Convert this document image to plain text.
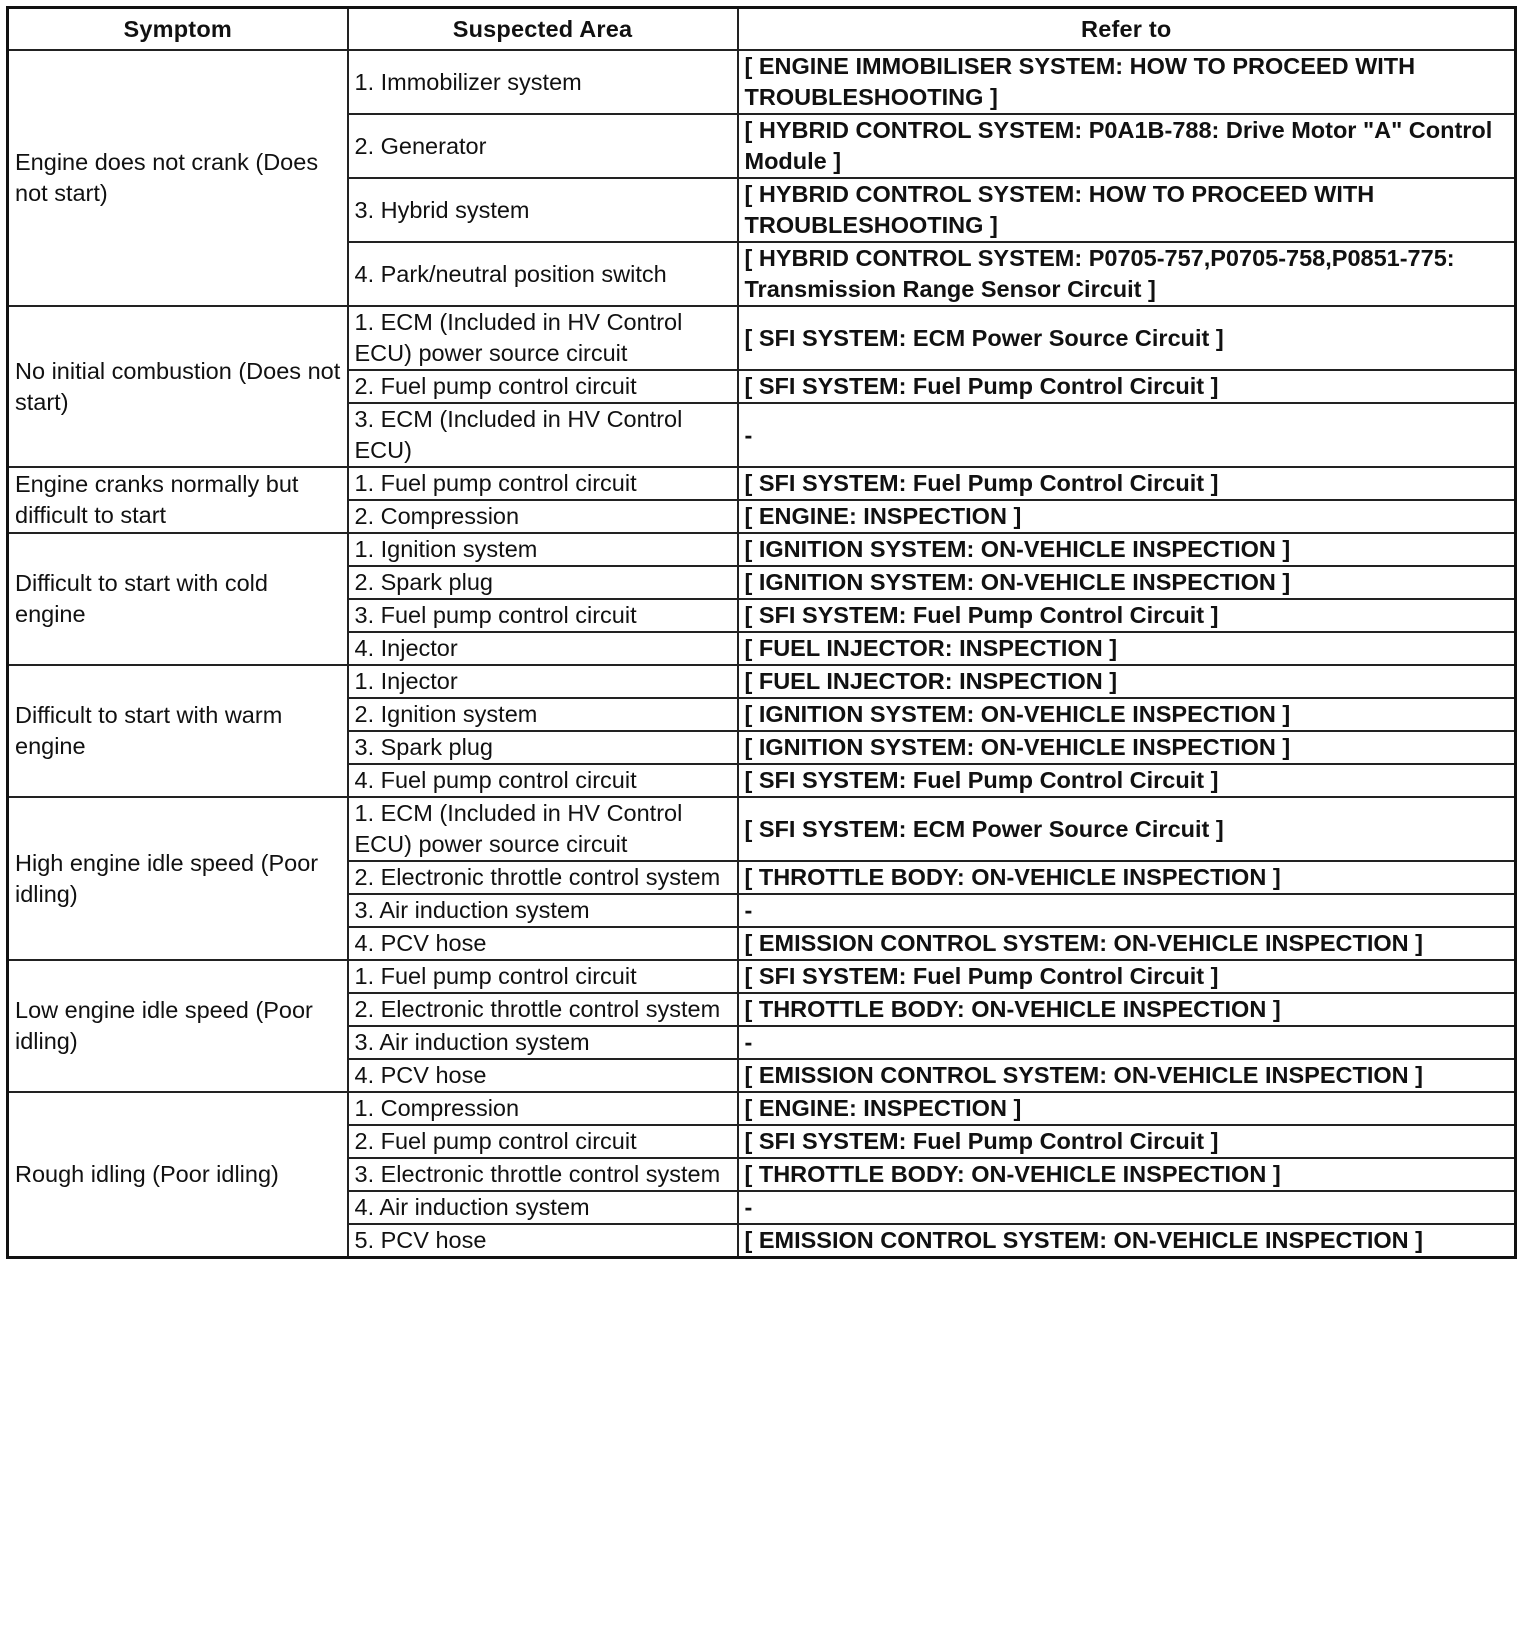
Symptom	Suspected Area	Refer to
Engine does not crank (Does not start)	1. Immobilizer system	[ ENGINE IMMOBILISER SYSTEM: HOW TO PROCEED WITH TROUBLESHOOTING ]
	2. Generator	[ HYBRID CONTROL SYSTEM: P0A1B-788: Drive Motor "A" Control Module ]
	3. Hybrid system	[ HYBRID CONTROL SYSTEM: HOW TO PROCEED WITH TROUBLESHOOTING ]
	4. Park/neutral position switch	[ HYBRID CONTROL SYSTEM: P0705-757,P0705-758,P0851-775: Transmission Range Sensor Circuit ]
No initial combustion (Does not start)	1. ECM (Included in HV Control ECU) power source circuit	[ SFI SYSTEM: ECM Power Source Circuit ]
	2. Fuel pump control circuit	[ SFI SYSTEM: Fuel Pump Control Circuit ]
	3. ECM (Included in HV Control ECU)	-
Engine cranks normally but difficult to start	1. Fuel pump control circuit	[ SFI SYSTEM: Fuel Pump Control Circuit ]
	2. Compression	[ ENGINE: INSPECTION ]
Difficult to start with cold engine	1. Ignition system	[ IGNITION SYSTEM: ON-VEHICLE INSPECTION ]
	2. Spark plug	[ IGNITION SYSTEM: ON-VEHICLE INSPECTION ]
	3. Fuel pump control circuit	[ SFI SYSTEM: Fuel Pump Control Circuit ]
	4. Injector	[ FUEL INJECTOR: INSPECTION ]
Difficult to start with warm engine	1. Injector	[ FUEL INJECTOR: INSPECTION ]
	2. Ignition system	[ IGNITION SYSTEM: ON-VEHICLE INSPECTION ]
	3. Spark plug	[ IGNITION SYSTEM: ON-VEHICLE INSPECTION ]
	4. Fuel pump control circuit	[ SFI SYSTEM: Fuel Pump Control Circuit ]
High engine idle speed (Poor idling)	1. ECM (Included in HV Control ECU) power source circuit	[ SFI SYSTEM: ECM Power Source Circuit ]
	2. Electronic throttle control system	[ THROTTLE BODY: ON-VEHICLE INSPECTION ]
	3. Air induction system	-
	4. PCV hose	[ EMISSION CONTROL SYSTEM: ON-VEHICLE INSPECTION ]
Low engine idle speed (Poor idling)	1. Fuel pump control circuit	[ SFI SYSTEM: Fuel Pump Control Circuit ]
	2. Electronic throttle control system	[ THROTTLE BODY: ON-VEHICLE INSPECTION ]
	3. Air induction system	-
	4. PCV hose	[ EMISSION CONTROL SYSTEM: ON-VEHICLE INSPECTION ]
Rough idling (Poor idling)	1. Compression	[ ENGINE: INSPECTION ]
	2. Fuel pump control circuit	[ SFI SYSTEM: Fuel Pump Control Circuit ]
	3. Electronic throttle control system	[ THROTTLE BODY: ON-VEHICLE INSPECTION ]
	4. Air induction system	-
	5. PCV hose	[ EMISSION CONTROL SYSTEM: ON-VEHICLE INSPECTION ]
